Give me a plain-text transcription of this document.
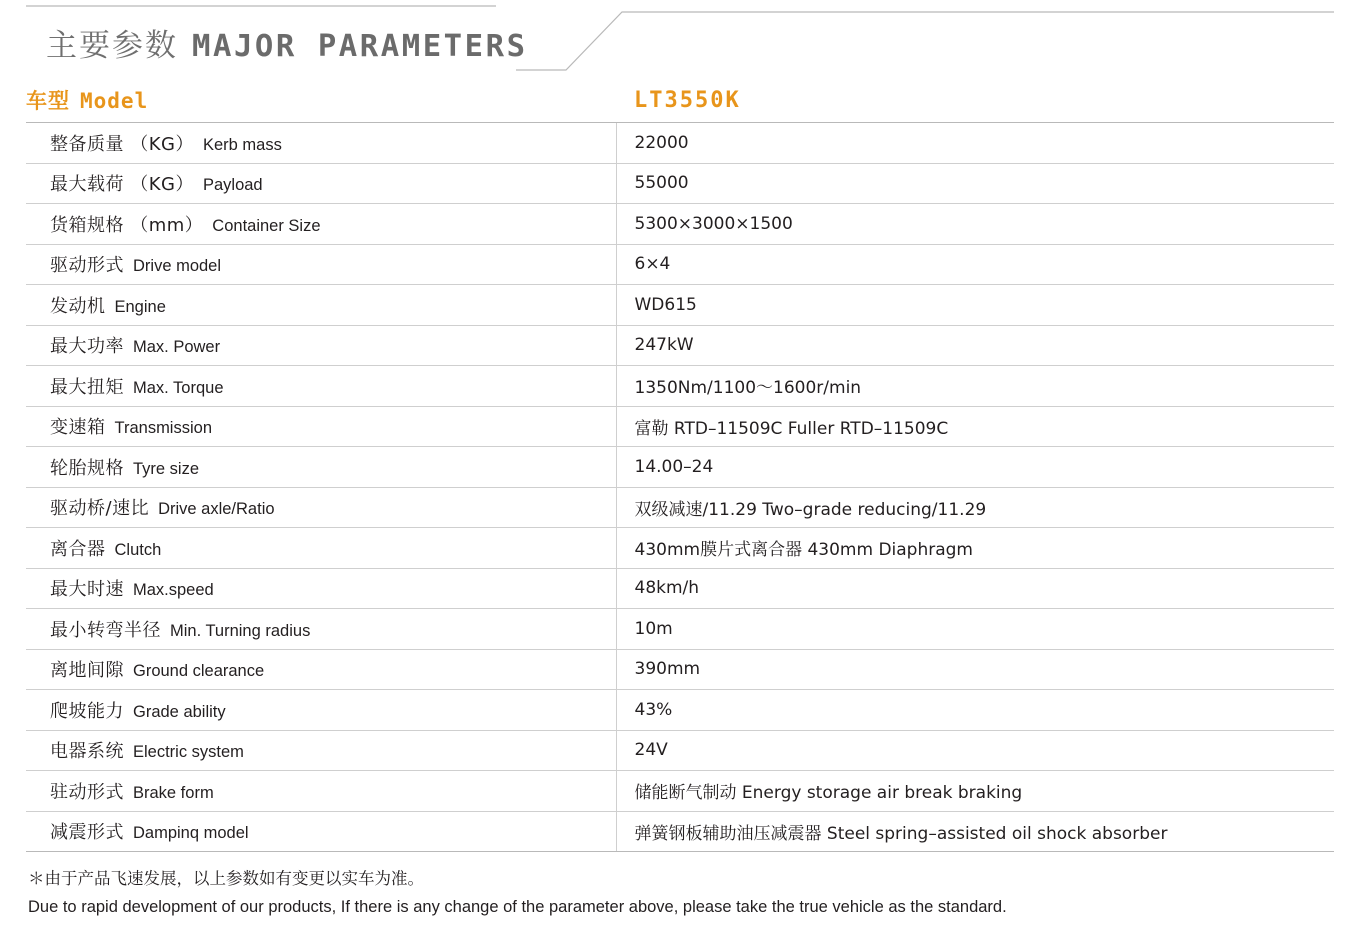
主要参数 MAJOR PARAMETERS
车型 Model	LT3550K
整备质量 （KG） Kerb mass	22000
最大载荷 （KG） Payload	55000
货箱规格 （mm） Container Size	5300×3000×1500
驱动形式 Drive model	6×4
发动机 Engine	WD615
最大功率 Max. Power	247kW
最大扭矩 Max. Torque	1350Nm/1100～1600r/min
变速箱 Transmission	富勒 RTD–11509C Fuller RTD–11509C
轮胎规格 Tyre size	14.00–24
驱动桥/速比 Drive axle/Ratio	双级减速/11.29 Two–grade reducing/11.29
离合器 Clutch	430mm膜片式离合器 430mm Diaphragm
最大时速 Max.speed	48km/h
最小转弯半径 Min. Turning radius	10m
离地间隙 Ground clearance	390mm
爬坡能力 Grade ability	43%
电器系统 Electric system	24V
驻动形式 Brake form	储能断气制动 Energy storage air break braking
减震形式 Dampinq model	弹簧钢板辅助油压减震器 Steel spring–assisted oil shock absorber
＊由于产品飞速发展，以上参数如有变更以实车为准。
Due to rapid development of our products, If there is any change of the parameter above, please take the true vehicle as the standard.
